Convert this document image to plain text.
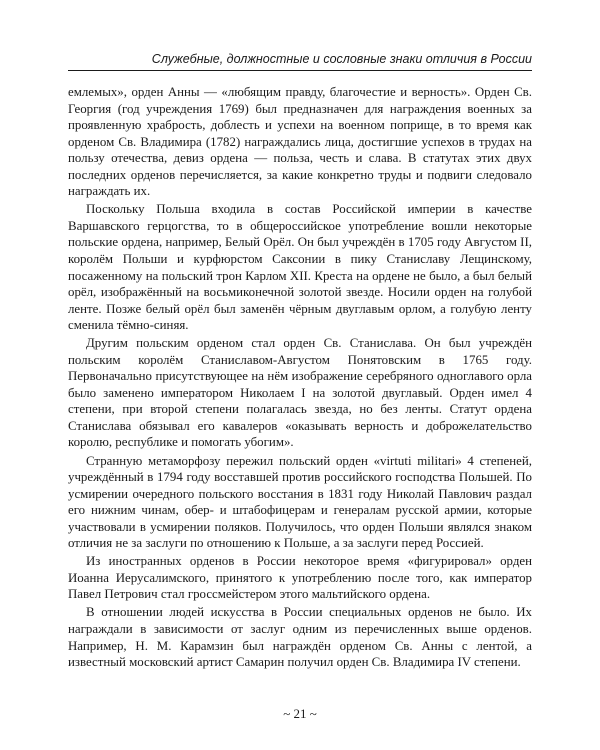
Служебные, должностные и сословные знаки отличия в России

емлемых», орден Анны — «любящим правду, благочестие и верность». Орден Св. Георгия (год учреждения 1769) был предназначен для награждения военных за проявленную храбрость, доблесть и успехи на военном поприще, в то время как орденом Св. Владимира (1782) награждались лица, достигшие успехов в трудах на пользу отечества, девиз ордена — польза, честь и слава. В статутах этих двух последних орденов перечисляется, за какие конкретно труды и подвиги следовало награждать их.

Поскольку Польша входила в состав Российской империи в качестве Варшавского герцогства, то в общероссийское употребление вошли некоторые польские ордена, например, Белый Орёл. Он был учреждён в 1705 году Августом II, королём Польши и курфюрстом Саксонии в пику Станиславу Лещинскому, посаженному на польский трон Карлом XII. Креста на ордене не было, а был белый орёл, изображённый на восьмиконечной золотой звезде. Носили орден на голубой ленте. Позже белый орёл был заменён чёрным двуглавым орлом, а голубую ленту сменила тёмно-синяя.

Другим польским орденом стал орден Св. Станислава. Он был учреждён польским королём Станиславом-Августом Понятовским в 1765 году. Первоначально присутствующее на нём изображение серебряного одноглавого орла было заменено императором Николаем I на золотой двуглавый. Орден имел 4 степени, при второй степени полагалась звезда, но без ленты. Статут ордена Станислава обязывал его кавалеров «оказывать верность и доброжелательство королю, республике и помогать убогим».

Странную метаморфозу пережил польский орден «virtuti militari» 4 степеней, учреждённый в 1794 году восставшей против российского господства Польшей. По усмирении очередного польского восстания в 1831 году Николай Павлович раздал его нижним чинам, обер- и штабофицерам и генералам русской армии, которые участвовали в усмирении поляков. Получилось, что орден Польши являлся знаком отличия не за заслуги по отношению к Польше, а за заслуги перед Россией.

Из иностранных орденов в России некоторое время «фигурировал» орден Иоанна Иерусалимского, принятого к употреблению после того, как император Павел Петрович стал гроссмейстером этого мальтийского ордена.

В отношении людей искусства в России специальных орденов не было. Их награждали в зависимости от заслуг одним из перечисленных выше орденов. Например, Н. М. Карамзин был награждён орденом Св. Анны с лентой, а известный московский артист Самарин получил орден Св. Владимира IV степени.

~ 21 ~
